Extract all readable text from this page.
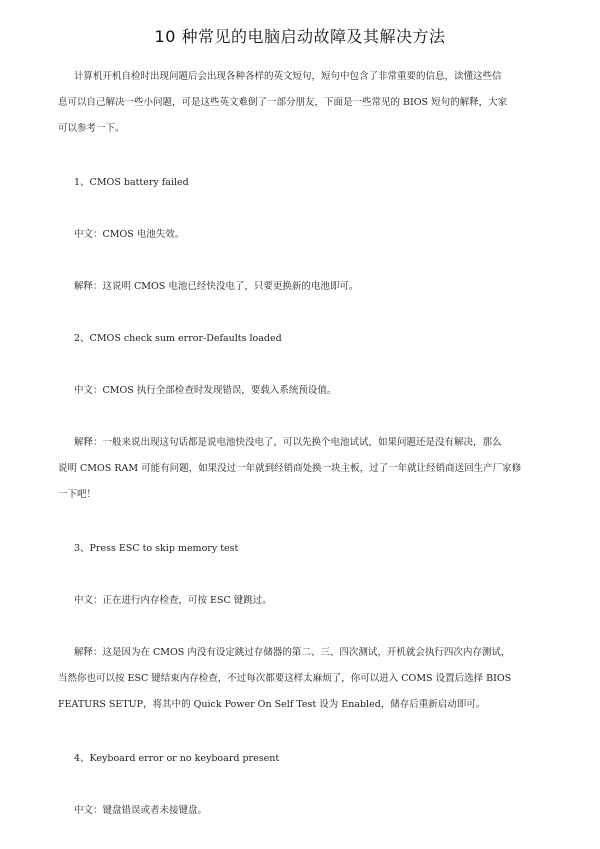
10 种常见的电脑启动故障及其解决方法
计算机开机自检时出现问题后会出现各种各样的英文短句，短句中包含了非常重要的信息，读懂这些信
息可以自己解决一些小问题，可是这些英文难倒了一部分朋友，下面是一些常见的 BIOS 短句的解释，大家
可以参考一下。
1、CMOS battery failed
中文：CMOS 电池失效。
解释：这说明 CMOS 电池已经快没电了，只要更换新的电池即可。
2、CMOS check sum error-Defaults loaded
中文：CMOS 执行全部检查时发现错误，要载入系统预设值。
解释：一般来说出现这句话都是说电池快没电了，可以先换个电池试试，如果问题还是没有解决，那么
说明 CMOS RAM 可能有问题，如果没过一年就到经销商处换一块主板，过了一年就让经销商送回生产厂家修
一下吧！
3、Press ESC to skip memory test
中文：正在进行内存检查，可按 ESC 键跳过。
解释：这是因为在 CMOS 内没有设定跳过存储器的第二、三、四次测试，开机就会执行四次内存测试，
当然你也可以按 ESC 键结束内存检查，不过每次都要这样太麻烦了，你可以进入 COMS 设置后选择 BIOS
FEATURS SETUP，将其中的 Quick Power On Self Test 设为 Enabled，储存后重新启动即可。
4、Keyboard error or no keyboard present
中文：键盘错误或者未接键盘。
